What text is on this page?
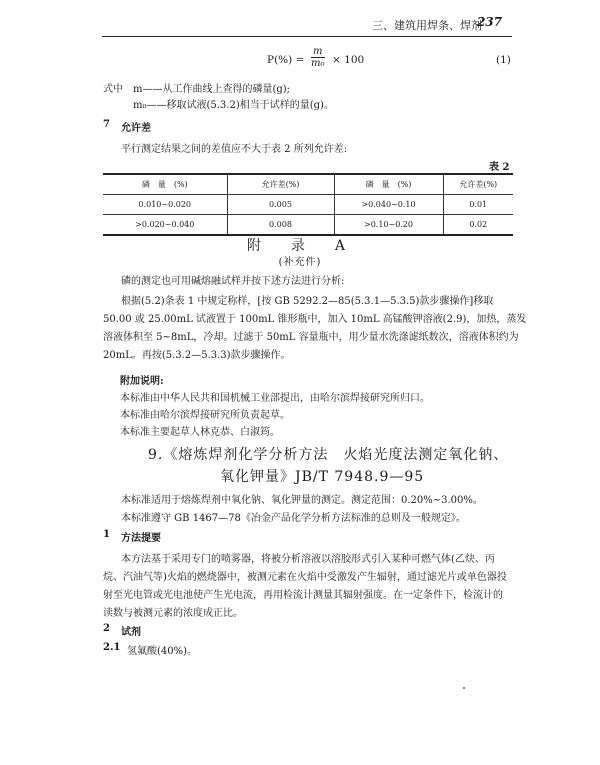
三、建筑用焊条、焊剂
237
$P(\%) = \frac{m}{\text{m₀}} \times 100$	(1)
式中 m——从工作曲线上查得的磷量(g);
m₀——移取试液(5.3.2)相当于试样的量(g)。
7 允许差
平行测定结果之间的差值应不大于表 2 所列允许差:
表 2
磷　量　(%)	允许差(%)	磷　量　(%)	允许差(%)
0.010~0.020	0.005	>0.040~0.10	0.01
>0.020~0.040	0.008	>0.10~0.20	0.02
附　录　A
(补充件)
磷的测定也可用碱熔融试样并按下述方法进行分析:
根据(5.2)条表 1 中规定称样，[按 GB 5292.2—85(5.3.1—5.3.5)款步骤操作]移取
50.00 或 25.00mL 试液置于 100mL 锥形瓶中，加入 10mL 高锰酸钾溶液(2.9)，加热，蒸发
溶液体积至 5~8mL，冷却。过滤于 50mL 容量瓶中，用少量水洗涤滤纸数次，溶液体积约为
20mL。再按(5.3.2—5.3.3)款步骤操作。
附加说明:
本标准由中华人民共和国机械工业部提出，由哈尔滨焊接研究所归口。
本标准由哈尔滨焊接研究所负责起草。
本标准主要起草人林克恭、白淑筠。
9.《熔炼焊剂化学分析方法　火焰光度法测定氧化钠、
氧化钾量》JB/T 7948.9—95
本标准适用于熔炼焊剂中氧化钠、氧化钾量的测定。测定范围：0.20%~3.00%。
本标准遵守 GB 1467—78《冶金产品化学分析方法标准的总则及一般规定》。
1 方法提要
本方法基于采用专门的喷雾器，将被分析溶液以溶胶形式引入某种可燃气体(乙炔、丙
烷、汽油气等)火焰的燃烧器中，被测元素在火焰中受激发产生辐射，通过滤光片或单色器投
射至光电管或光电池使产生光电流，再用检流计测量其辐射强度。在一定条件下，检流计的
读数与被测元素的浓度成正比。
2 试剂
2.1 氢氟酸(40%)。
